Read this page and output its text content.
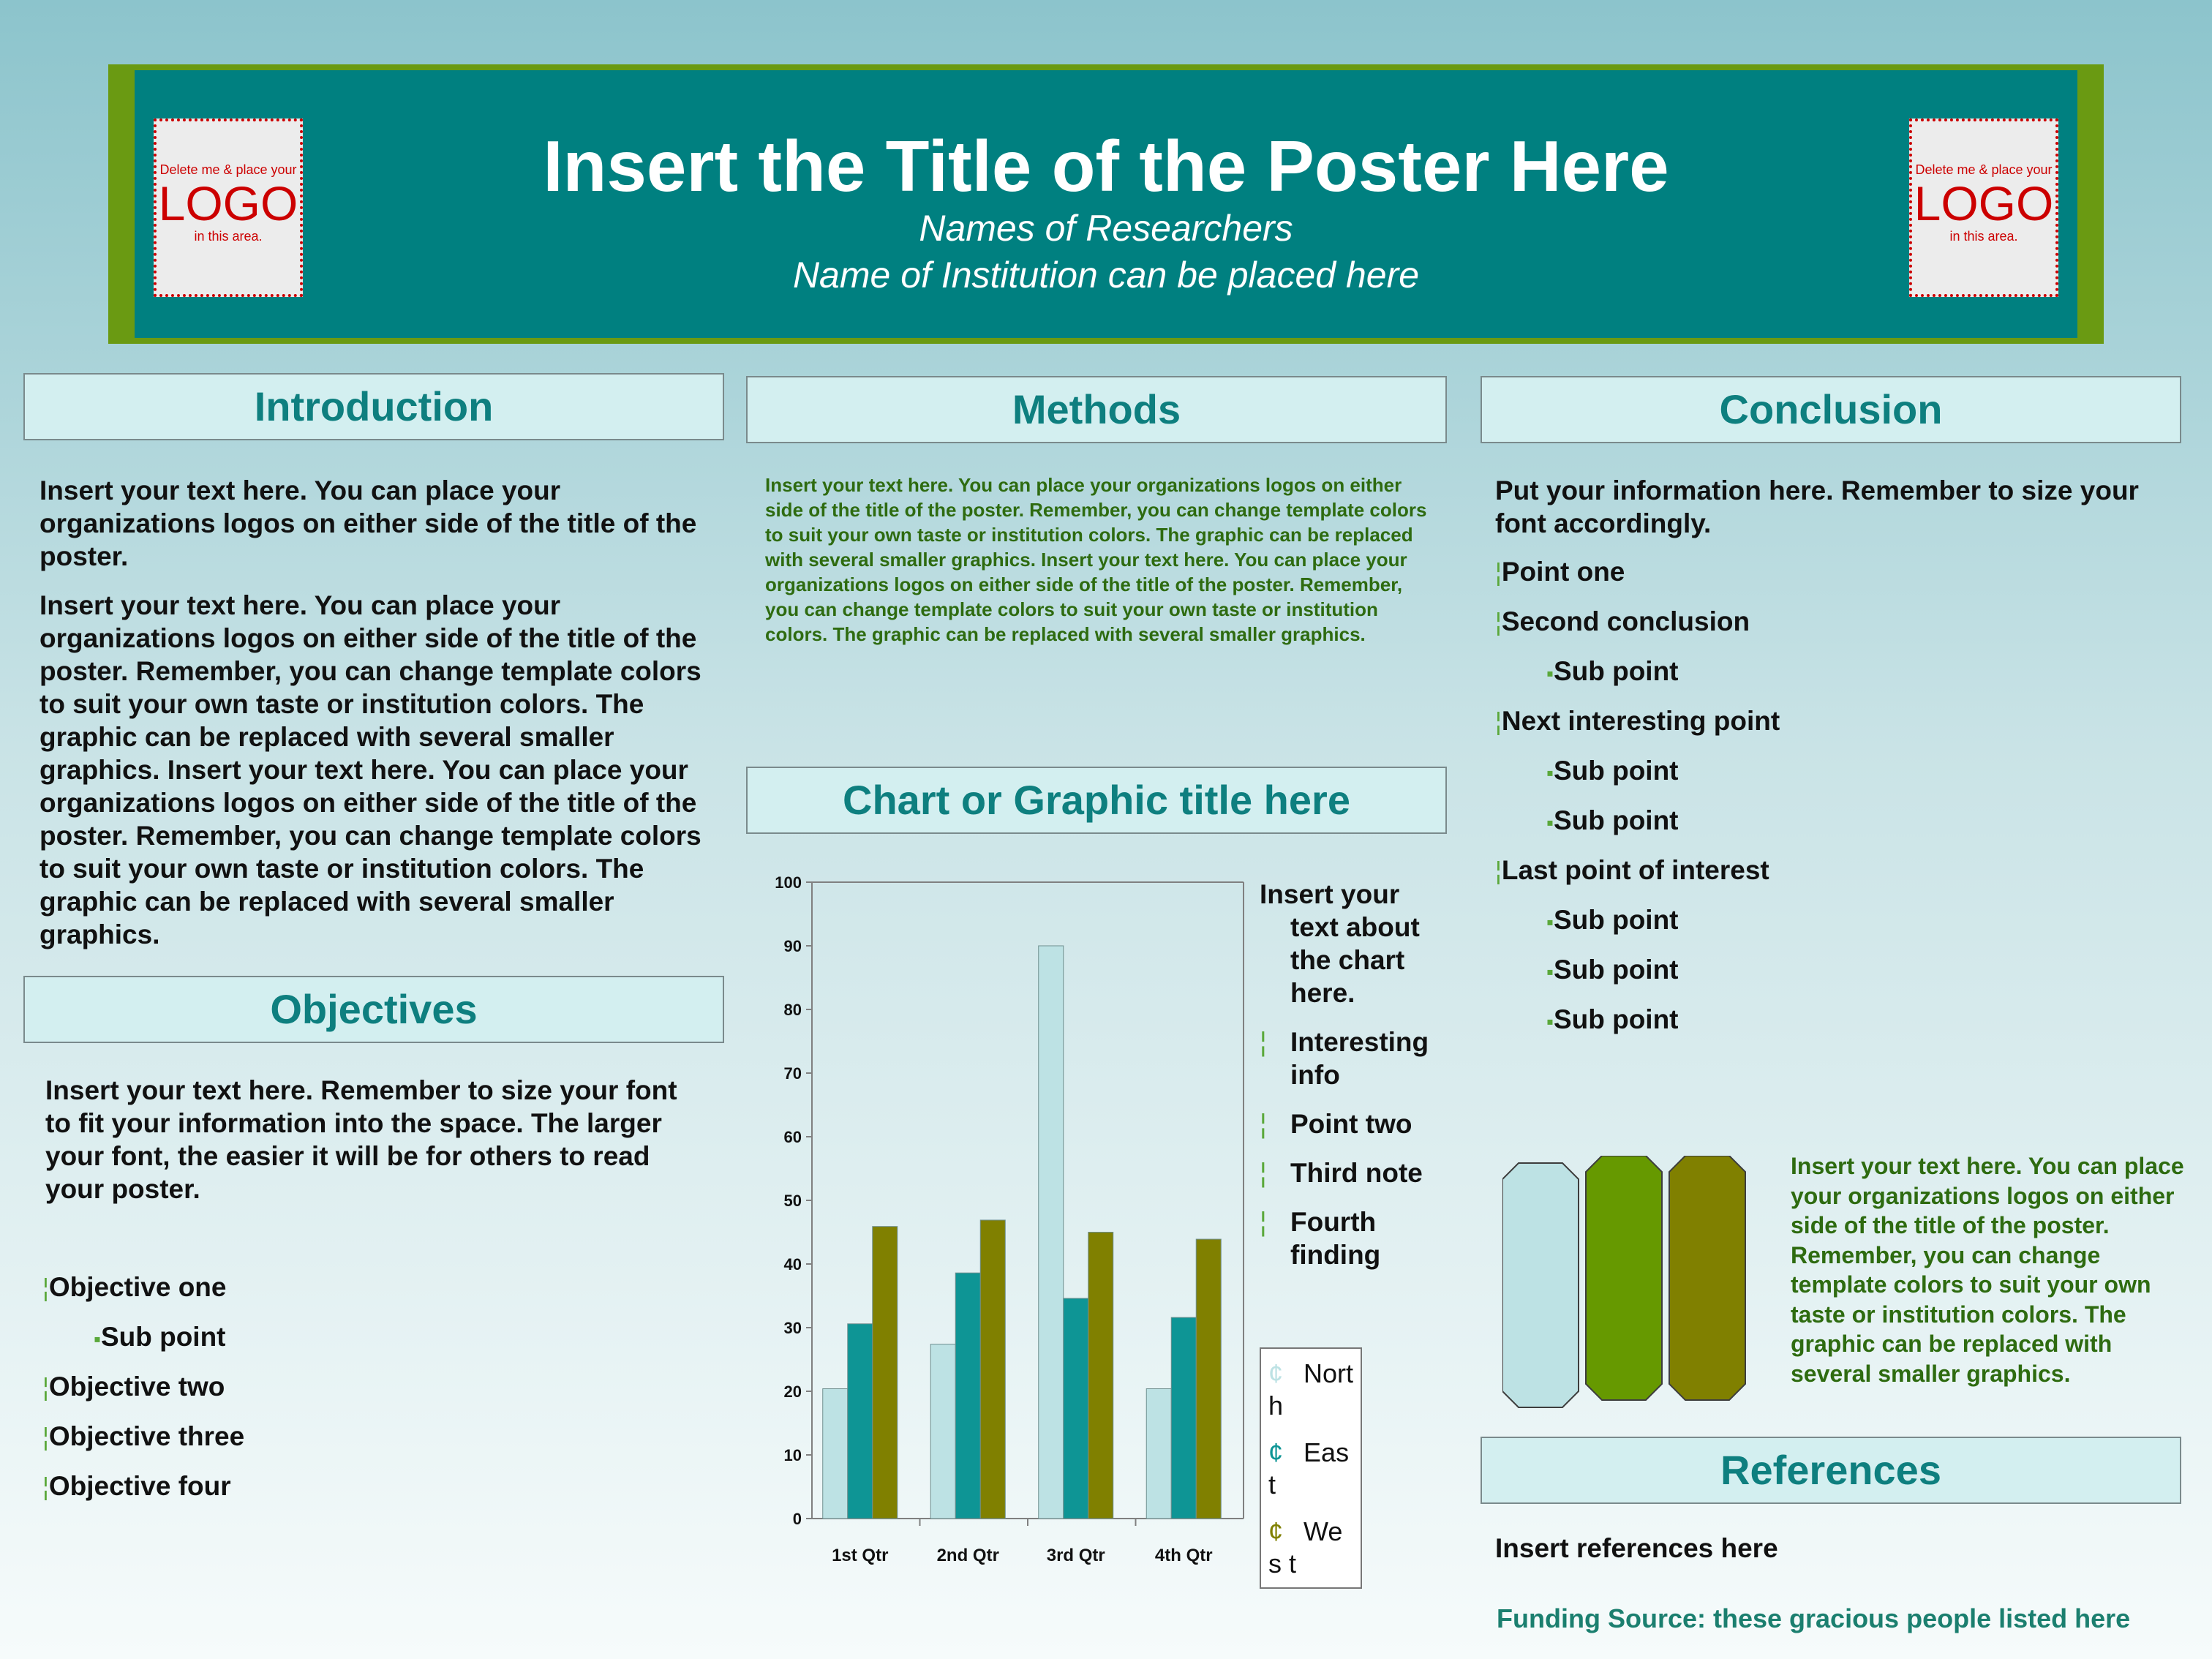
Delete me & place your
LOGO
in this area.
Delete me & place your
LOGO
in this area.
Insert the Title of the Poster Here
Names of Researchers
Name of Institution can be placed here
Introduction

Insert your text here. You can place your organizations logos on either side of the title of the poster.

Insert your text here. You can place your organizations logos on either side of the title of the poster. Remember, you can change template colors to suit your own taste or institution colors. The graphic can be replaced with several smaller graphics. Insert your text here. You can place your organizations logos on either side of the title of the poster. Remember, you can change template colors to suit your own taste or institution colors. The graphic can be replaced with several smaller graphics.

Objectives
Insert your text here. Remember to size your font to fit your information into the space. The larger your font, the easier it will be for others to read your poster.
¦Objective one
▪Sub point
¦Objective two
¦Objective three
¦Objective four
Methods
Insert your text here. You can place your organizations logos on either side of the title of the poster. Remember, you can change template colors to suit your own taste or institution colors. The graphic can be replaced with several smaller graphics. Insert your text here. You can place your organizations logos on either side of the title of the poster. Remember, you can change template colors to suit your own taste or institution colors. The graphic can be replaced with several smaller graphics.
Chart or Graphic title here
0
10
20
30
40
50
60
70
80
90
100
1st Qtr	2nd Qtr	3rd Qtr	4th Qtr
Insert your text about the chart here.
¦ Interesting info
¦ Point two
¦ Third note
¦ Fourth finding
¢ Nort h
¢ East
¢ Wes t
Conclusion
Put your information here. Remember to size your font accordingly.
¦Point one
¦Second conclusion
▪Sub point
¦Next interesting point
▪Sub point
▪Sub point
¦Last point of interest
▪Sub point
▪Sub point
▪Sub point
Insert your text here. You can place your organizations logos on either side of the title of the poster. Remember, you can change template colors to suit your own taste or institution colors. The graphic can be replaced with several smaller graphics.
References
Insert references here
Funding Source: these gracious people listed here
